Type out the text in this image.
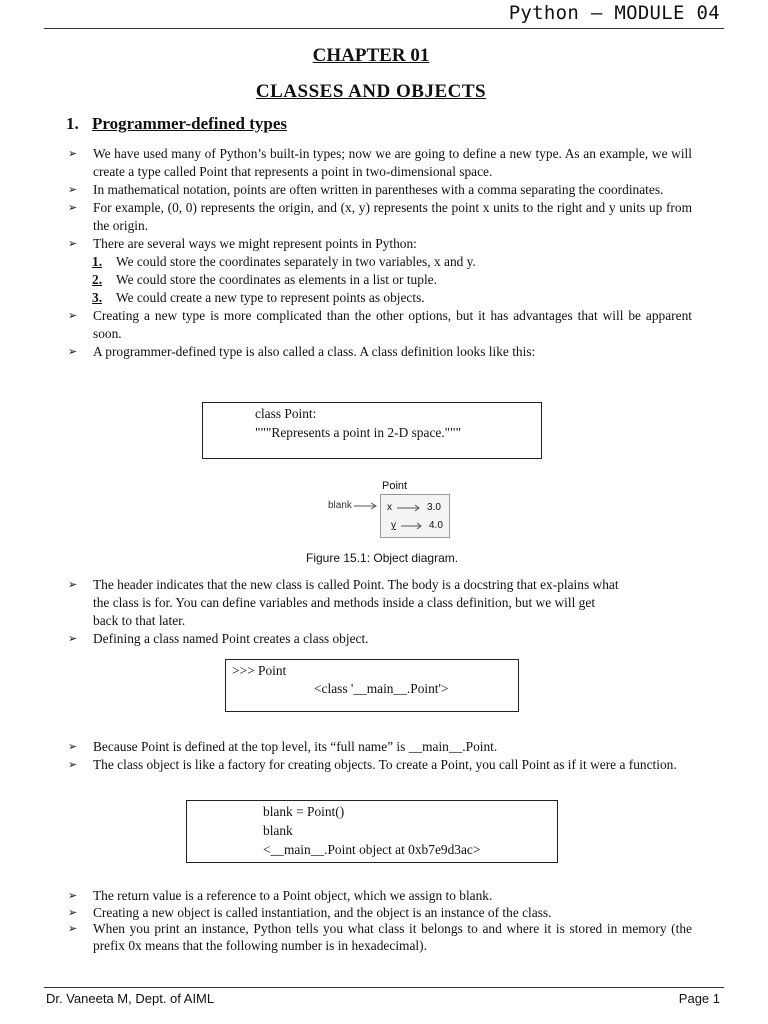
Python – MODULE 04
CHAPTER 01
CLASSES AND OBJECTS
1. Programmer-defined types
➢ We have used many of Python’s built-in types; now we are going to define a new type. As an example, we will create a type called Point that represents a point in two-dimensional space.
➢ In mathematical notation, points are often written in parentheses with a comma separating the coordinates.
➢ For example, (0, 0) represents the origin, and (x, y) represents the point x units to the right and y units up from the origin.
➢ There are several ways we might represent points in Python:
1. We could store the coordinates separately in two variables, x and y.
2. We could store the coordinates as elements in a list or tuple.
3. We could create a new type to represent points as objects.
➢ Creating a new type is more complicated than the other options, but it has advantages that will be apparent soon.
➢ A programmer-defined type is also called a class. A class definition looks like this:
class Point:
"""Represents a point in 2-D space."""
Point
blank	x	3.0
y	4.0
Figure 15.1: Object diagram.
➢ The header indicates that the new class is called Point. The body is a docstring that ex-plains what the class is for. You can define variables and methods inside a class definition, but we will get back to that later.
➢ Defining a class named Point creates a class object.
>>> Point
<class '__main__.Point'>
➢ Because Point is defined at the top level, its “full name” is __main__.Point.
➢ The class object is like a factory for creating objects. To create a Point, you call Point as if it were a function.
blank = Point()
blank
<__main__.Point object at 0xb7e9d3ac>
➢ The return value is a reference to a Point object, which we assign to blank.
➢ Creating a new object is called instantiation, and the object is an instance of the class.
➢ When you print an instance, Python tells you what class it belongs to and where it is stored in memory (the prefix 0x means that the following number is in hexadecimal).
Dr. Vaneeta M, Dept. of AIML	Page 1
